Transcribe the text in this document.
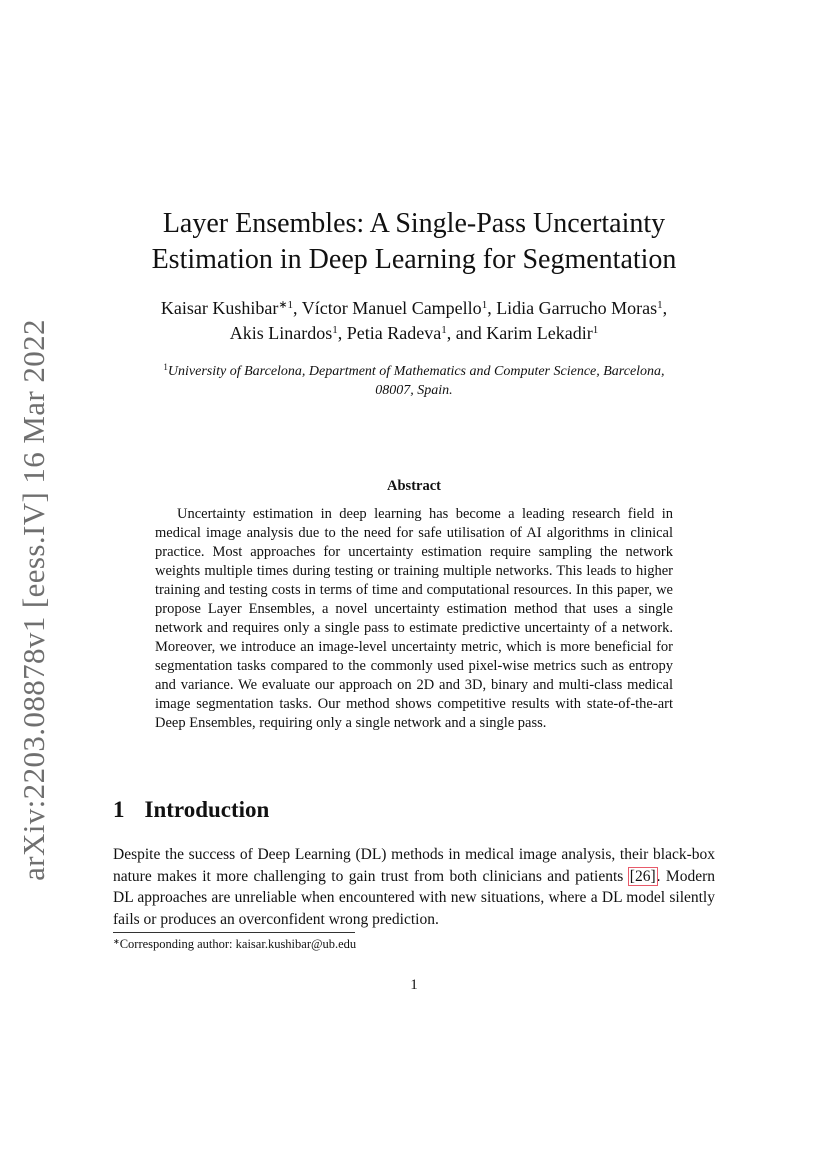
arXiv:2203.08878v1 [eess.IV] 16 Mar 2022
Layer Ensembles: A Single-Pass Uncertainty
Estimation in Deep Learning for Segmentation
Kaisar Kushibar$^{∗1}$, Víctor Manuel Campello$^1$, Lidia Garrucho Moras$^1$,
Akis Linardos$^1$, Petia Radeva$^1$, and Karim Lekadir$^1$
$^1$University of Barcelona, Department of Mathematics and Computer Science, Barcelona,
08007, Spain.
Abstract

Uncertainty estimation in deep learning has become a leading research field in medical image analysis due to the need for safe utilisation of AI algorithms in clinical practice. Most approaches for uncertainty estimation require sampling the network weights multiple times during testing or training multiple networks. This leads to higher training and testing costs in terms of time and computational resources. In this paper, we propose Layer Ensembles, a novel uncertainty estimation method that uses a single network and requires only a single pass to estimate predictive uncertainty of a network. Moreover, we introduce an image-level uncertainty metric, which is more beneficial for segmentation tasks compared to the commonly used pixel-wise metrics such as entropy and variance. We evaluate our approach on 2D and 3D, binary and multi-class medical image segmentation tasks. Our method shows competitive results with state-of-the-art Deep Ensembles, requiring only a single network and a single pass.

1 Introduction

Despite the success of Deep Learning (DL) methods in medical image analysis, their black-box nature makes it more challenging to gain trust from both clinicians and patients [26]. Modern DL approaches are unreliable when encountered with new situations, where a DL model silently fails or produces an overconfident wrong prediction.

∗Corresponding author: kaisar.kushibar@ub.edu
1
